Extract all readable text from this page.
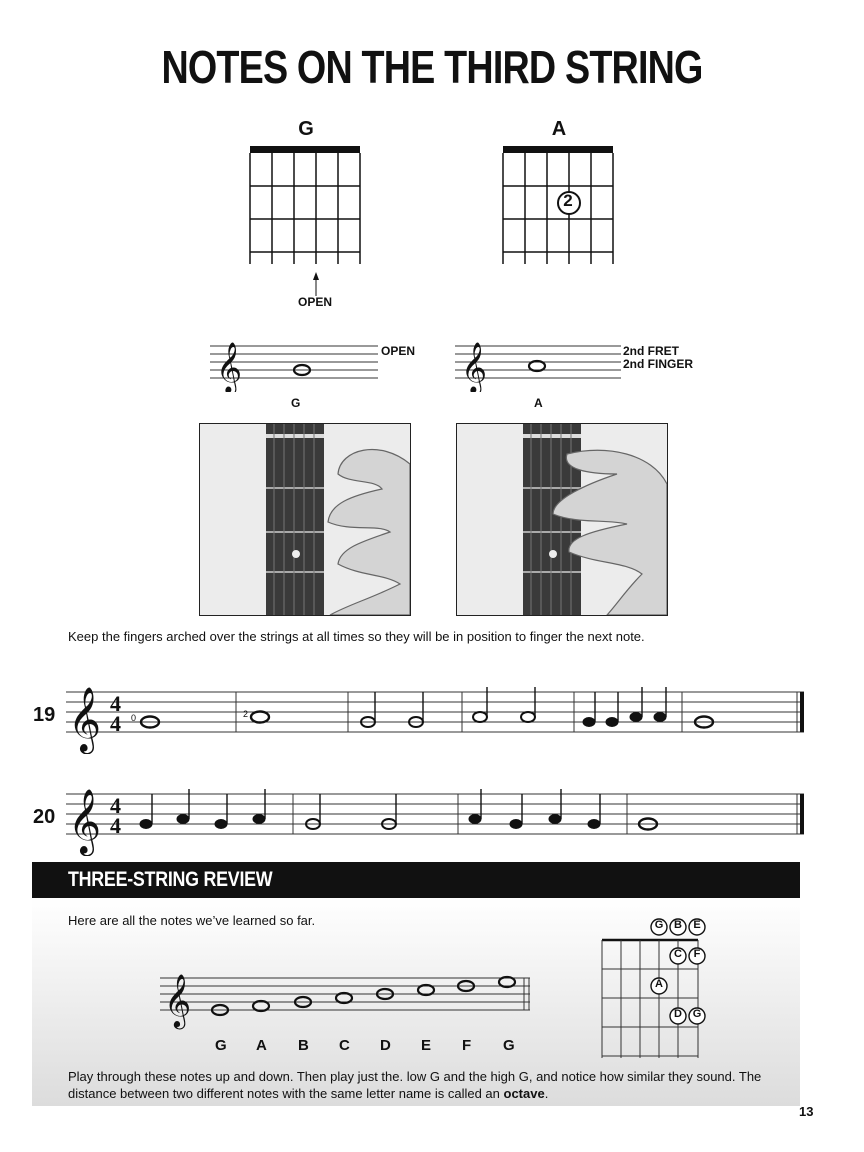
NOTES ON THE THIRD STRING
G	A
2
OPEN
𝄞	𝄞
OPEN	2nd FRET
2nd FINGER
G	A
Keep the fingers arched over the strings at all times so they will be in position to finger the next note.
19 𝄞 4
4 0	2
20 𝄞 4
4
THREE-STRING REVIEW
Here are all the notes we’ve learned so far.
𝄞
G A B C D E F G
G B E
C F
A
D G
Play through these notes up and down. Then play just the. low G and the high G, and notice how similar they sound. The
distance between two different notes with the same letter name is called an octave.
13
